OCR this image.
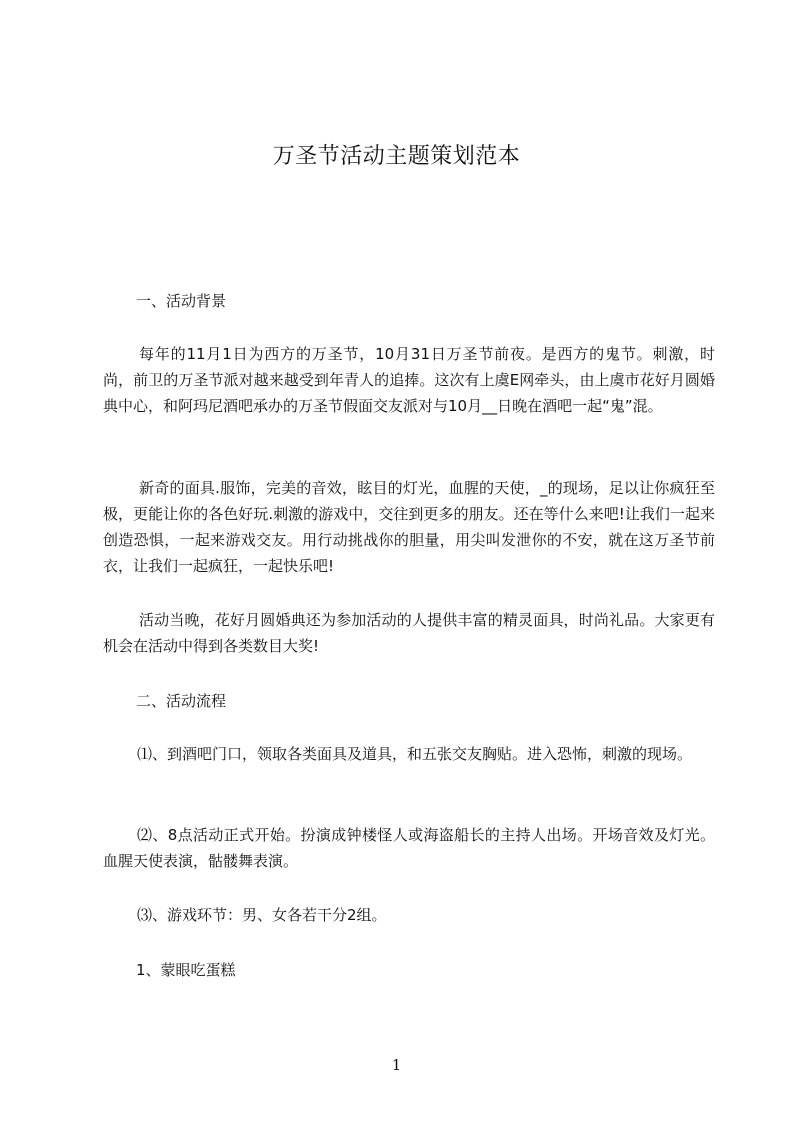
万圣节活动主题策划范本

一、活动背景

每年的11月1日为西方的万圣节，10月31日万圣节前夜。是西方的鬼节。刺激，时尚，前卫的万圣节派对越来越受到年青人的追捧。这次有上虞E网牵头，由上虞市花好月圆婚典中心，和阿玛尼酒吧承办的万圣节假面交友派对与10月__日晚在酒吧一起“鬼”混。

新奇的面具.服饰，完美的音效，眩目的灯光，血腥的天使，_的现场，足以让你疯狂至极，更能让你的各色好玩.刺激的游戏中，交往到更多的朋友。还在等什么来吧!让我们一起来创造恐惧，一起来游戏交友。用行动挑战你的胆量，用尖叫发泄你的不安，就在这万圣节前衣，让我们一起疯狂，一起快乐吧!

活动当晚，花好月圆婚典还为参加活动的人提供丰富的精灵面具，时尚礼品。大家更有机会在活动中得到各类数目大奖!

二、活动流程

⑴、到酒吧门口，领取各类面具及道具，和五张交友胸贴。进入恐怖，刺激的现场。

⑵、8点活动正式开始。扮演成钟楼怪人或海盗船长的主持人出场。开场音效及灯光。血腥天使表演，骷髅舞表演。

⑶、游戏环节：男、女各若干分2组。

1、蒙眼吃蛋糕

1
